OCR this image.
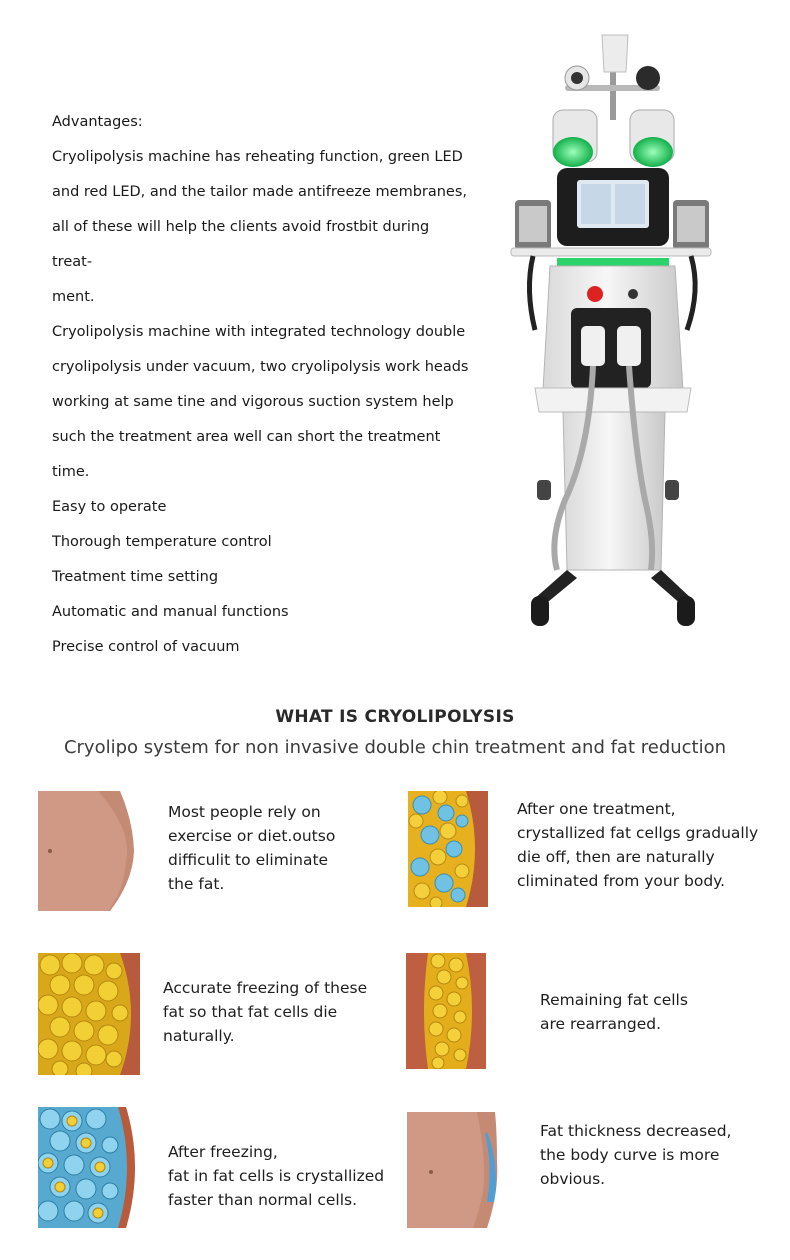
Advantages:

Cryolipolysis machine has reheating function, green LED

and red LED, and the tailor made antifreeze membranes,

all of these will help the clients avoid frostbit during treat-

ment.

Cryolipolysis machine with integrated technology double

cryolipolysis under vacuum, two cryolipolysis work heads

working at same tine and vigorous suction system help

such the treatment area well can short the treatment

time.

Easy to operate

Thorough temperature control

Treatment time setting

Automatic and manual functions

Precise control of vacuum

WHAT IS CRYOLIPOLYSIS
Cryolipo system for non invasive double chin treatment and fat reduction
Most people rely on
exercise or diet.outso
difficulit to eliminate
the fat.
After one treatment,
crystallized fat cellgs gradually
die off, then are naturally
climinated from your body.
Accurate freezing of these
fat so that fat cells die
naturally.
Remaining fat cells
are rearranged.
After freezing,
fat in fat cells is crystallized
faster than normal cells.
Fat thickness decreased,
the body curve is more
obvious.
